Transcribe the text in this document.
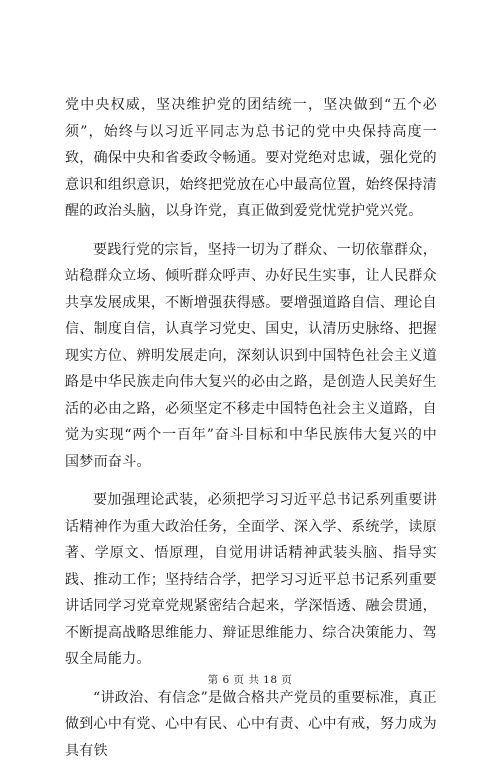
党中央权威，坚决维护党的团结统一，坚决做到“五个必须”，始终与以习近平同志为总书记的党中央保持高度一致，确保中央和省委政令畅通。要对党绝对忠诚，强化党的意识和组织意识，始终把党放在心中最高位置，始终保持清醒的政治头脑，以身许党，真正做到爱党忧党护党兴党。

要践行党的宗旨，坚持一切为了群众、一切依靠群众，站稳群众立场、倾听群众呼声、办好民生实事，让人民群众共享发展成果，不断增强获得感。要增强道路自信、理论自信、制度自信，认真学习党史、国史，认清历史脉络、把握现实方位、辨明发展走向，深刻认识到中国特色社会主义道路是中华民族走向伟大复兴的必由之路，是创造人民美好生活的必由之路，必须坚定不移走中国特色社会主义道路，自觉为实现“两个一百年”奋斗目标和中华民族伟大复兴的中国梦而奋斗。

要加强理论武装，必须把学习习近平总书记系列重要讲话精神作为重大政治任务，全面学、深入学、系统学，读原著、学原文、悟原理，自觉用讲话精神武装头脑、指导实践、推动工作；坚持结合学，把学习习近平总书记系列重要讲话同学习党章党规紧密结合起来，学深悟透、融会贯通，不断提高战略思维能力、辩证思维能力、综合决策能力、驾驭全局能力。

“讲政治、有信念”是做合格共产党员的重要标准，真正做到心中有党、心中有民、心中有责、心中有戒，努力成为具有铁

第 6 页 共 18 页
